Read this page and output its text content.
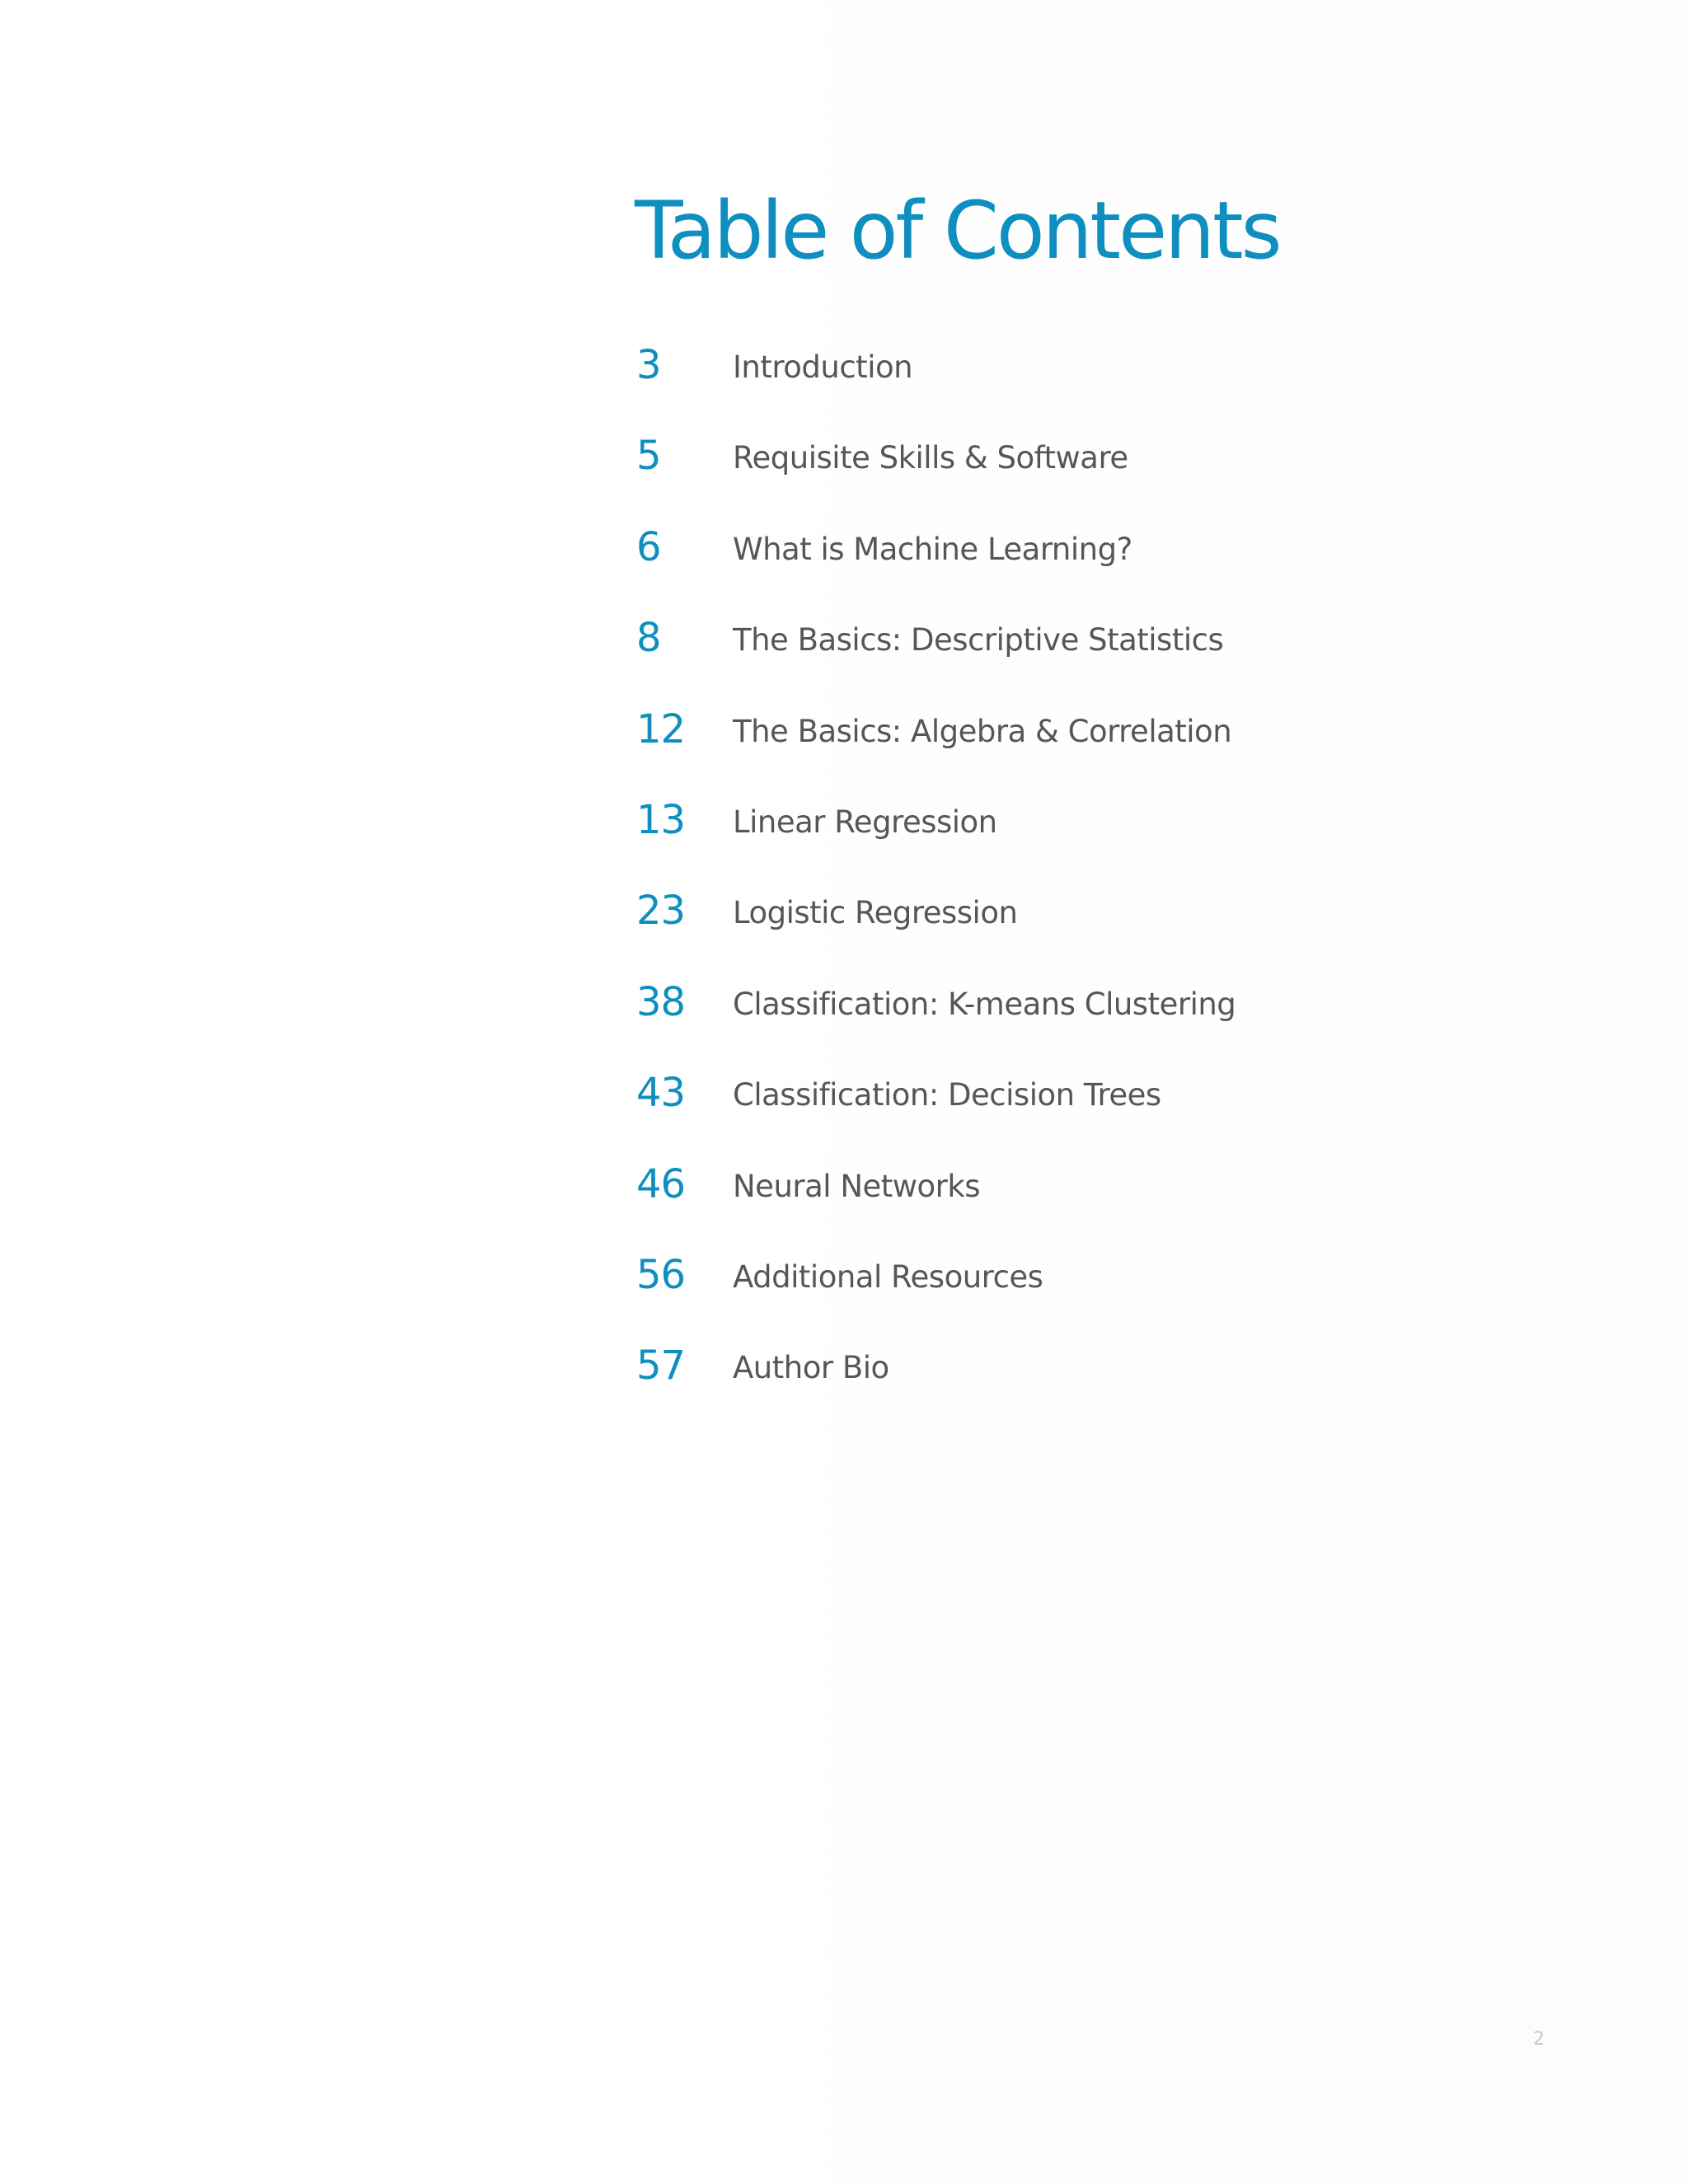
Table of Contents
3	Introduction
5	Requisite Skills & Software
6	What is Machine Learning?
8	The Basics: Descriptive Statistics
12	The Basics: Algebra & Correlation
13	Linear Regression
23	Logistic Regression
38	Classification: K-means Clustering
43	Classification: Decision Trees
46	Neural Networks
56	Additional Resources
57	Author Bio
2
